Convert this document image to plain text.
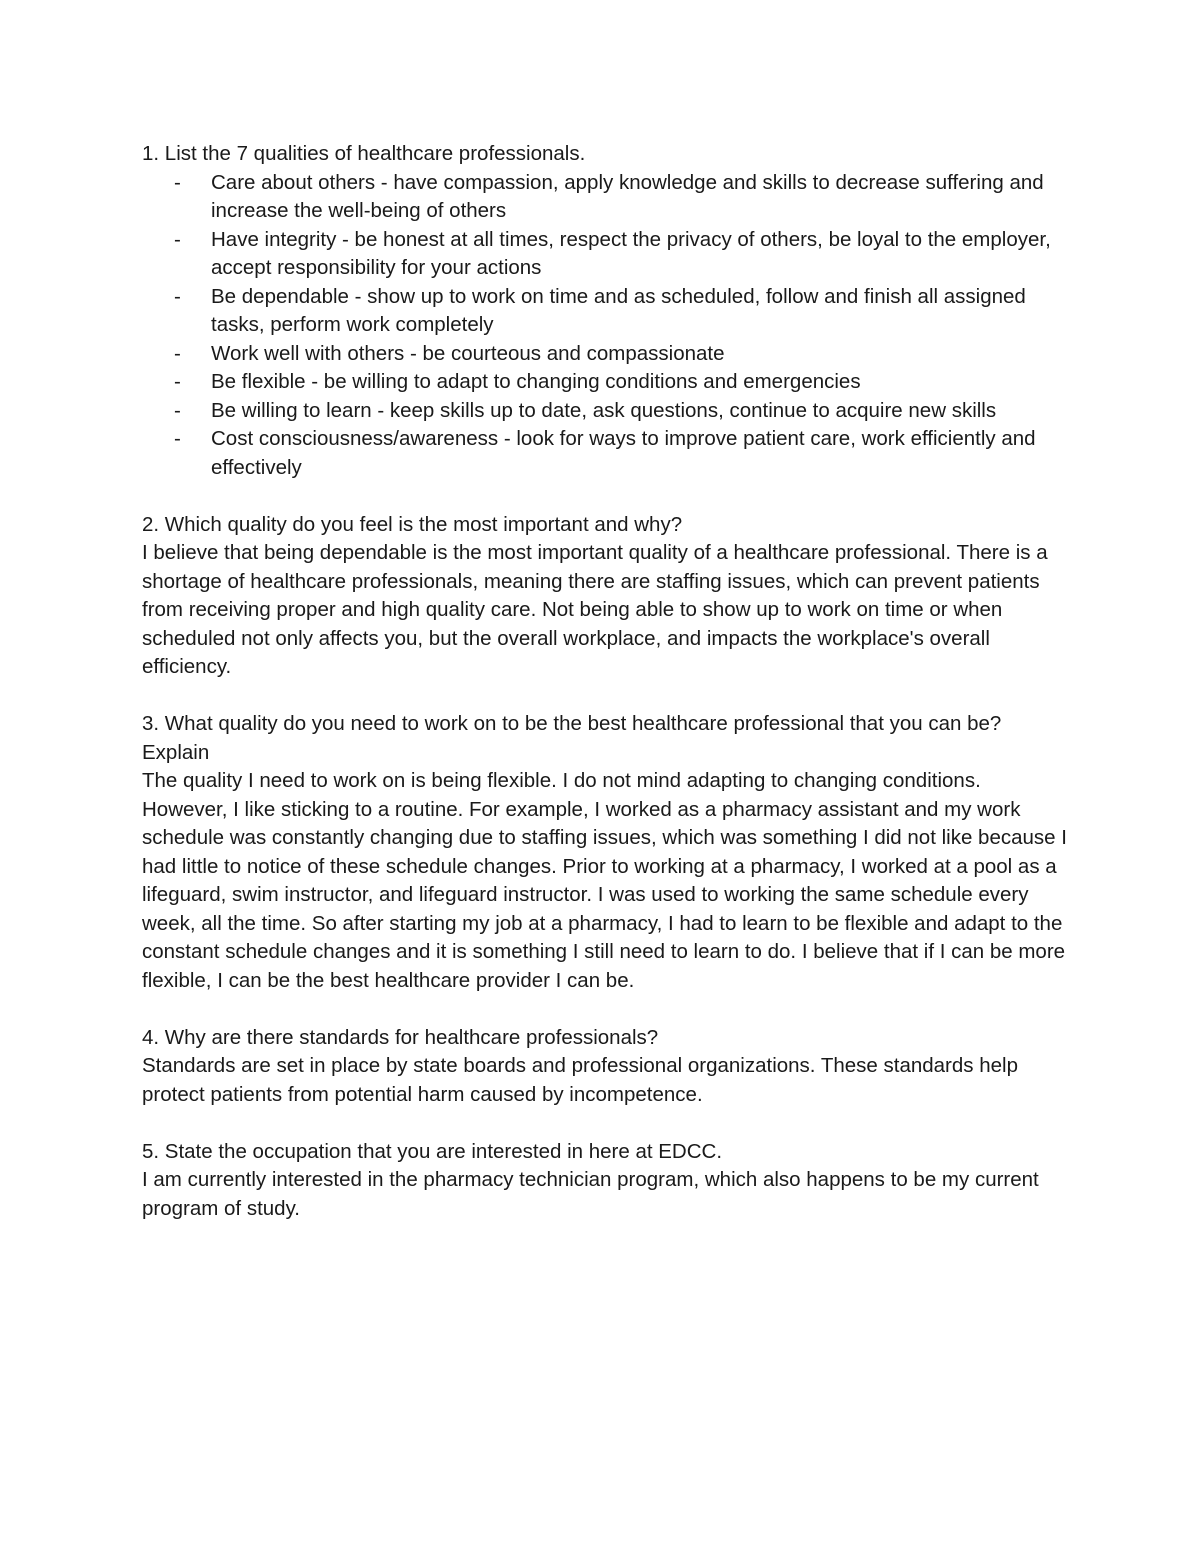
1. List the 7 qualities of healthcare professionals.

- Care about others - have compassion, apply knowledge and skills to decrease suffering and increase the well-being of others
- Have integrity - be honest at all times, respect the privacy of others, be loyal to the employer, accept responsibility for your actions
- Be dependable - show up to work on time and as scheduled, follow and finish all assigned tasks, perform work completely
- Work well with others - be courteous and compassionate
- Be flexible - be willing to adapt to changing conditions and emergencies
- Be willing to learn - keep skills up to date, ask questions, continue to acquire new skills
- Cost consciousness/awareness - look for ways to improve patient care, work efficiently and effectively

2. Which quality do you feel is the most important and why?

I believe that being dependable is the most important quality of a healthcare professional. There is a shortage of healthcare professionals, meaning there are staffing issues, which can prevent patients from receiving proper and high quality care. Not being able to show up to work on time or when scheduled not only affects you, but the overall workplace, and impacts the workplace's overall efficiency.

3. What quality do you need to work on to be the best healthcare professional that you can be? Explain

The quality I need to work on is being flexible. I do not mind adapting to changing conditions. However, I like sticking to a routine. For example, I worked as a pharmacy assistant and my work schedule was constantly changing due to staffing issues, which was something I did not like because I had little to notice of these schedule changes. Prior to working at a pharmacy, I worked at a pool as a lifeguard, swim instructor, and lifeguard instructor. I was used to working the same schedule every week, all the time. So after starting my job at a pharmacy, I had to learn to be flexible and adapt to the constant schedule changes and it is something I still need to learn to do. I believe that if I can be more flexible, I can be the best healthcare provider I can be.

4. Why are there standards for healthcare professionals?

Standards are set in place by state boards and professional organizations. These standards help protect patients from potential harm caused by incompetence.

5. State the occupation that you are interested in here at EDCC.

I am currently interested in the pharmacy technician program, which also happens to be my current program of study.
